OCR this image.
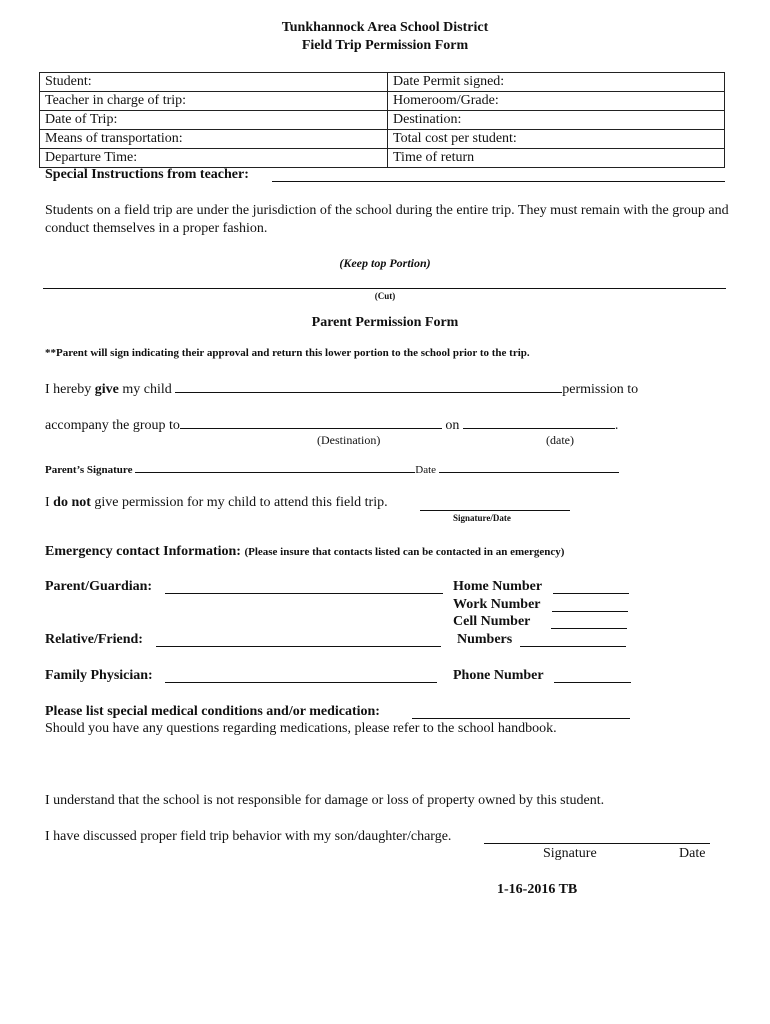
Tunkhannock Area School District
Field Trip Permission Form
Student:	Date Permit signed:
Teacher in charge of trip:	Homeroom/Grade:
Date of Trip:	Destination:
Means of transportation:	Total cost per student:
Departure Time:	Time of return
Special Instructions from teacher:
Students on a field trip are under the jurisdiction of the school during the entire trip. They must remain with the group and conduct themselves in a proper fashion.
(Keep top Portion)
(Cut)
Parent Permission Form
**Parent will sign indicating their approval and return this lower portion to the school prior to the trip.
I hereby give my child	permission to
accompany the group to	on	.
(Destination)	(date)
Parent’s Signature	Date
I do not give permission for my child to attend this field trip.
Signature/Date
Emergency contact Information: (Please insure that contacts listed can be contacted in an emergency)
Parent/Guardian:	Home Number
Work Number
Cell Number
Relative/Friend:	Numbers
Family Physician:	Phone Number
Please list special medical conditions and/or medication:
Should you have any questions regarding medications, please refer to the school handbook.
I understand that the school is not responsible for damage or loss of property owned by this student.
I have discussed proper field trip behavior with my son/daughter/charge.
Signature	Date
1-16-2016 TB
